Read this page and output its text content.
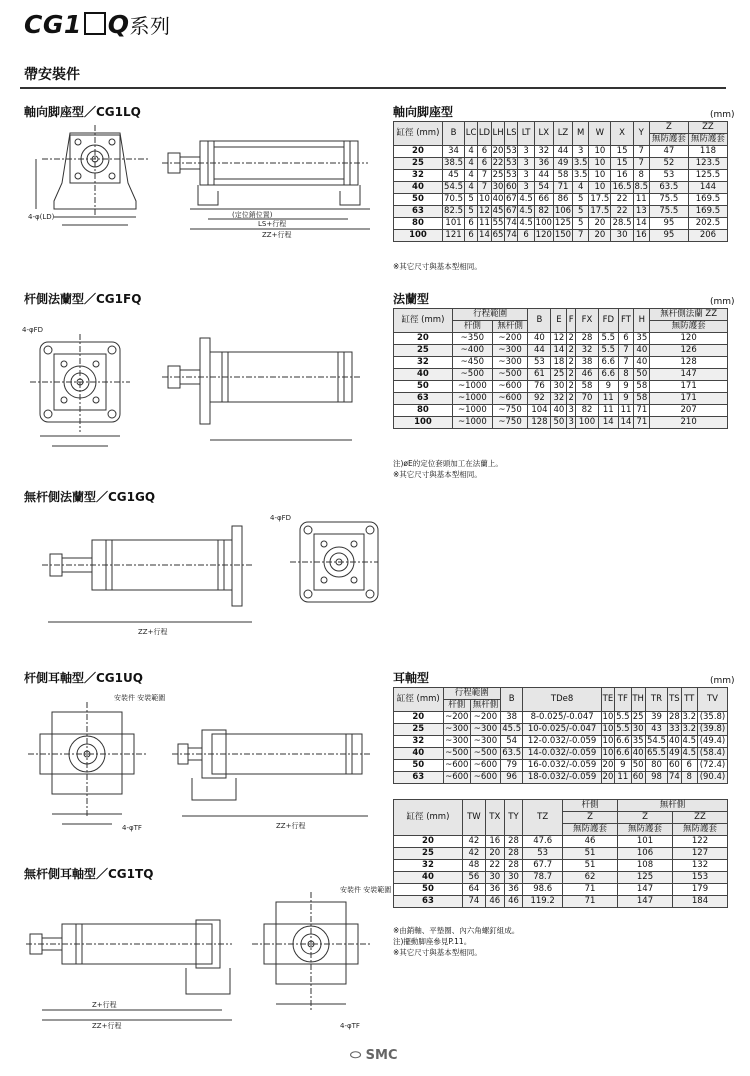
CG1 Q系列
帶安裝件
軸向脚座型／CG1LQ
杆側法蘭型／CG1FQ
無杆側法蘭型／CG1GQ
杆側耳軸型／CG1UQ
無杆側耳軸型／CG1TQ
4-φ(LD)	(定位銷位置)
LS+行程
ZZ+行程
4-φFD
4-φFD
ZZ+行程
安裝件 安裝範圍
ZZ+行程
4-φTF
安裝件 安裝範圍
Z+行程
ZZ+行程	4-φTF
軸向脚座型	(mm)
缸徑 (mm)	B	LC	LD	LH	LS	LT	LX	LZ	M	W	X	Y	Z	ZZ
													無防護套	無防護套
20	34	4	6	20	53	3	32	44	3	10	15	7	47	118
25	38.5	4	6	22	53	3	36	49	3.5	10	15	7	52	123.5
32	45	4	7	25	53	3	44	58	3.5	10	16	8	53	125.5
40	54.5	4	7	30	60	3	54	71	4	10	16.5	8.5	63.5	144
50	70.5	5	10	40	67	4.5	66	86	5	17.5	22	11	75.5	169.5
63	82.5	5	12	45	67	4.5	82	106	5	17.5	22	13	75.5	169.5
80	101	6	11	55	74	4.5	100	125	5	20	28.5	14	95	202.5
100	121	6	14	65	74	6	120	150	7	20	30	16	95	206
※其它尺寸與基本型相同。
法蘭型	(mm)
缸徑 (mm)	行程範圍		B	E	F	FX	FD	FT	H	無杆側法蘭 ZZ
	杆側	無杆側								無防護套
20	~350	~200	40	12	2	28	5.5	6	35	120
25	~400	~300	44	14	2	32	5.5	7	40	126
32	~450	~300	53	18	2	38	6.6	7	40	128
40	~500	~500	61	25	2	46	6.6	8	50	147
50	~1000	~600	76	30	2	58	9	9	58	171
63	~1000	~600	92	32	2	70	11	9	58	171
80	~1000	~750	104	40	3	82	11	11	71	207
100	~1000	~750	128	50	3	100	14	14	71	210
注)øE的定位套頭加工在法蘭上。
※其它尺寸與基本型相同。
耳軸型	(mm)
缸徑 (mm)	行程範圍		B	TDe8	TE	TF	TH	TR	TS	TT	TV
	杆側	無杆側									
20	~200	~200	38	8-0.025/-0.047	10	5.5	25	39	28	3.2	(35.8)
25	~300	~300	45.5	10-0.025/-0.047	10	5.5	30	43	33	3.2	(39.8)
32	~300	~300	54	12-0.032/-0.059	10	6.6	35	54.5	40	4.5	(49.4)
40	~500	~500	63.5	14-0.032/-0.059	10	6.6	40	65.5	49	4.5	(58.4)
50	~600	~600	79	16-0.032/-0.059	20	9	50	80	60	6	(72.4)
63	~600	~600	96	18-0.032/-0.059	20	11	60	98	74	8	(90.4)
缸徑 (mm)	TW	TX	TY	TZ	杆側	無杆側	
					Z	Z	ZZ
					無防護套	無防護套	無防護套
20	42	16	28	47.6	46	101	122
25	42	20	28	53	51	106	127
32	48	22	28	67.7	51	108	132
40	56	30	30	78.7	62	125	153
50	64	36	36	98.6	71	147	179
63	74	46	46	119.2	71	147	184
※由銷軸、平墊圈、內六角螺釘組成。
注)擺動脚座參見P.11。
※其它尺寸與基本型相同。
⬭ SMC
